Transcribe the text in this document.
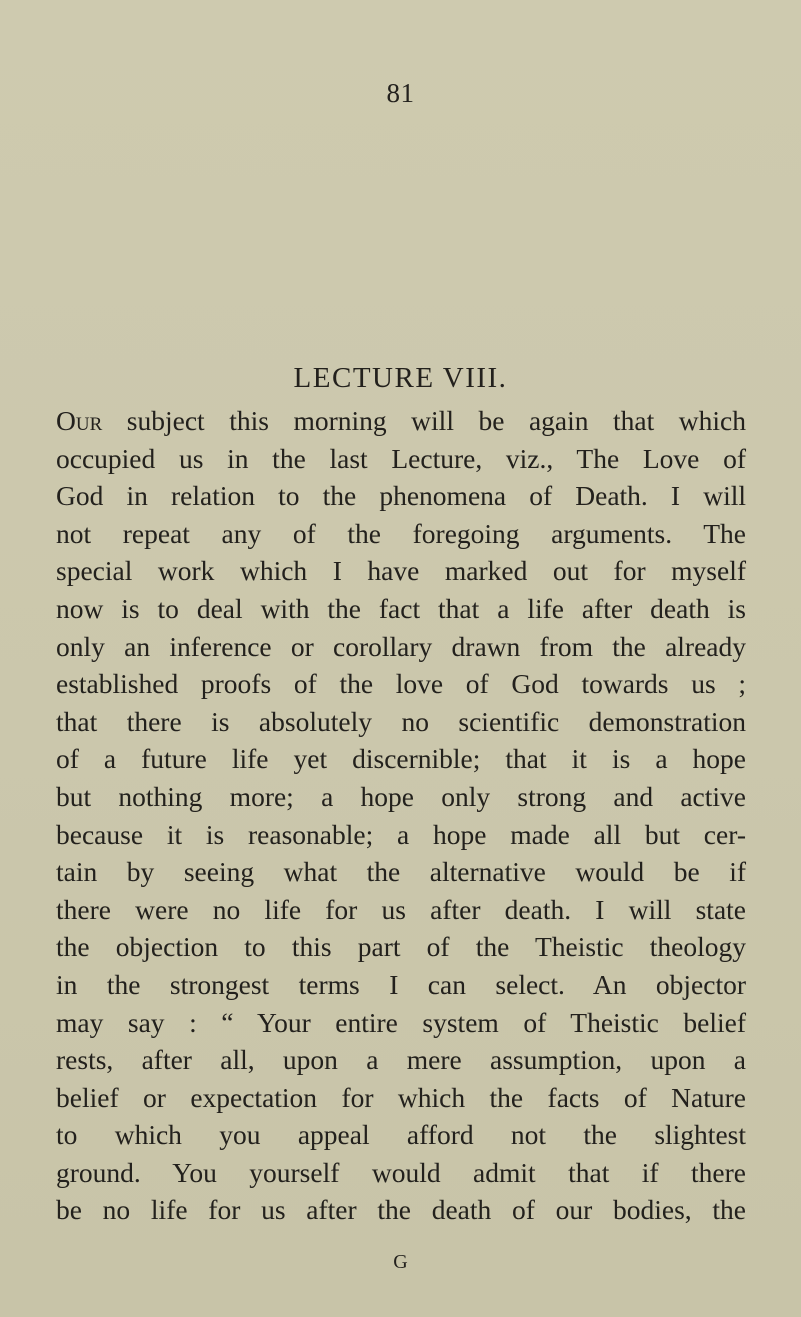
81

LECTURE VIII.
Our subject this morning will be again that which
occupied us in the last Lecture, viz., The Love of
God in relation to the phenomena of Death. I will
not repeat any of the foregoing arguments. The
special work which I have marked out for myself
now is to deal with the fact that a life after death is
only an inference or corollary drawn from the already
established proofs of the love of God towards us ;
that there is absolutely no scientific demonstration
of a future life yet discernible; that it is a hope
but nothing more; a hope only strong and active
because it is reasonable; a hope made all but cer-
tain by seeing what the alternative would be if
there were no life for us after death. I will state
the objection to this part of the Theistic theology
in the strongest terms I can select. An objector
may say : “ Your entire system of Theistic belief
rests, after all, upon a mere assumption, upon a
belief or expectation for which the facts of Nature
to which you appeal afford not the slightest
ground. You yourself would admit that if there
be no life for us after the death of our bodies, the

G
